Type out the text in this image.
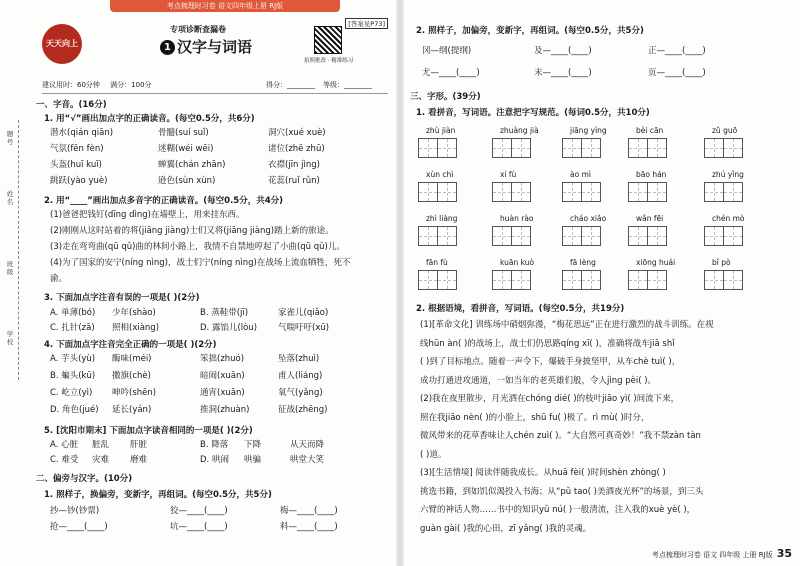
考点梳理时习卷 语文四年级上册 RJ版
题号
姓名
班级
学校
天天向上
专项诊断查漏卷
1 汉字与词语
拍照批改 · 精准练习
[答案见P73]
建议用时：60分钟 满分：100分	得分：________ 等级：________
一、字音。(16分)
1. 用“√”画出加点字的正确读音。(每空0.5分，共6分)
潜水(qián qiān)	骨髓(suí suǐ)	洞穴(xué xuè)
气氛(fēn fèn)	迷糊(wéi wēi)	诸位(zhē zhū)
头盔(huī kuī)	蝉翼(chán zhān)	衣襟(jīn jìng)
跳跃(yào yuè)	逊色(sùn xùn)	花蕊(ruǐ rǔn)
2. 用“____”画出加点多音字的正确读音。(每空0.5分，共4分)
(1)爸爸把钱钉(dīng dìng)在墙壁上，用来挂东西。
(2)刚刚从这时站着的将(jiāng jiàng)士们又将(jiāng jiàng)踏上新的旅途。
(3)走在弯弯曲(qū qǔ)曲的林间小路上，我情不自禁地哼起了小曲(qū qǔ)儿。
(4)为了国家的安宁(níng nìng)，战士们宁(níng nìng)在战场上流血牺牲，死不
渝。
3. 下面加点字注音有误的一项是( )(2分)
A. 单薄(bó) 少年(shào)	B. 蒸鞋带(jī)	家雀儿(qiǎo)
C. 扎针(zā) 照相(xiàng)	D. 露馅儿(lòu) 气喘吁吁(xū)
4. 下面加点字注音完全正确的一项是( )(2分)
A. 芋头(yù) 酶味(méi)	笨拙(zhuó)	坠落(zhuì)
B. 蝙头(kū) 撒旗(chè)	暗闹(xuān)	甫人(liáng)
C. 屹立(yì) 呻吟(shēn)	通宵(xuān)	氧气(yǎng)
D. 角色(jué) 延长(yán)	推洞(zhuàn)	征战(zhēng)
5. [沈阳市期末] 下面加点字读音相同的一项是( )(2分)
A. 心脏 脏乱 肝脏	B. 降落 下降	从天而降
C. 难受 灾难 磨难	D. 哄闹 哄骗	哄堂大笑
二、偏旁与汉字。(10分)
1. 照样子，换偏旁，变新字，再组词。(每空0.5分，共5分)
抄—钞(钞票)	狡—____(____)	梅—____(____)
抢—____(____)	坑—____(____)	料—____(____)
2. 照样子，加偏旁，变新字，再组词。(每空0.5分，共5分)
冈—纲(提纲)	及—____(____)	正—____(____)
尤—____(____)	末—____(____)	页—____(____)
三、字形。(39分)
1. 看拼音，写词语。注意把字写规范。(每词0.5分，共10分)
zhù jiàn	zhuàng jià	jiāng yìng	bèi cān	zǔ guō
xùn chì	xí fù	ào mì	bāo hán	zhú yǐng
zhì liàng	huàn rào	cháo xiǎo	wǎn fēi	chén mò
fān fù	kuān kuò	fā lèng	xiōng huái	bǐ pò
2. 根据语境，看拼音，写词语。(每空0.5分，共19分)
(1)[革命文化] 训练场中硝烟弥漫，“梅花思远”正在进行激烈的战斗训练。在视
线hūn àn( )的战场上，战士们仍思路qíng xī( )，准确将战车jiā shǐ
( )到了目标地点。随着一声令下，爆破手身披坚甲，从车chè tuì( )，
成功打通进攻通道，一如当年的老英雄们般，令人jìng pèi( )。
(2)我在夜里散步，月光洒在chóng dié( )的枝叶jiāo yì( )间流下来，
照在我jiāo nèn( )的小脸上，shū fu( )极了。rì mù( )时分，
微风带来的花草香味让人chén zuì( )。“大自然可真奇妙！”我不禁zàn tàn
( )道。
(3)[生活情境] 阅读伴随我成长。从huā fèi( )时间shèn zhòng( )
挑选书籍，到如饥似渴投入书海；从“pǔ tao( )美酒夜光杯”的场景，到三头
六臂的神话人物……书中的知识yǔ nú( )一般清流，注入我的xuè yè( )，
guàn gài( )我的心田，zī yǎng( )我的灵魂。
考点梳理时习卷 语文 四年级 上册 RJ版 35
